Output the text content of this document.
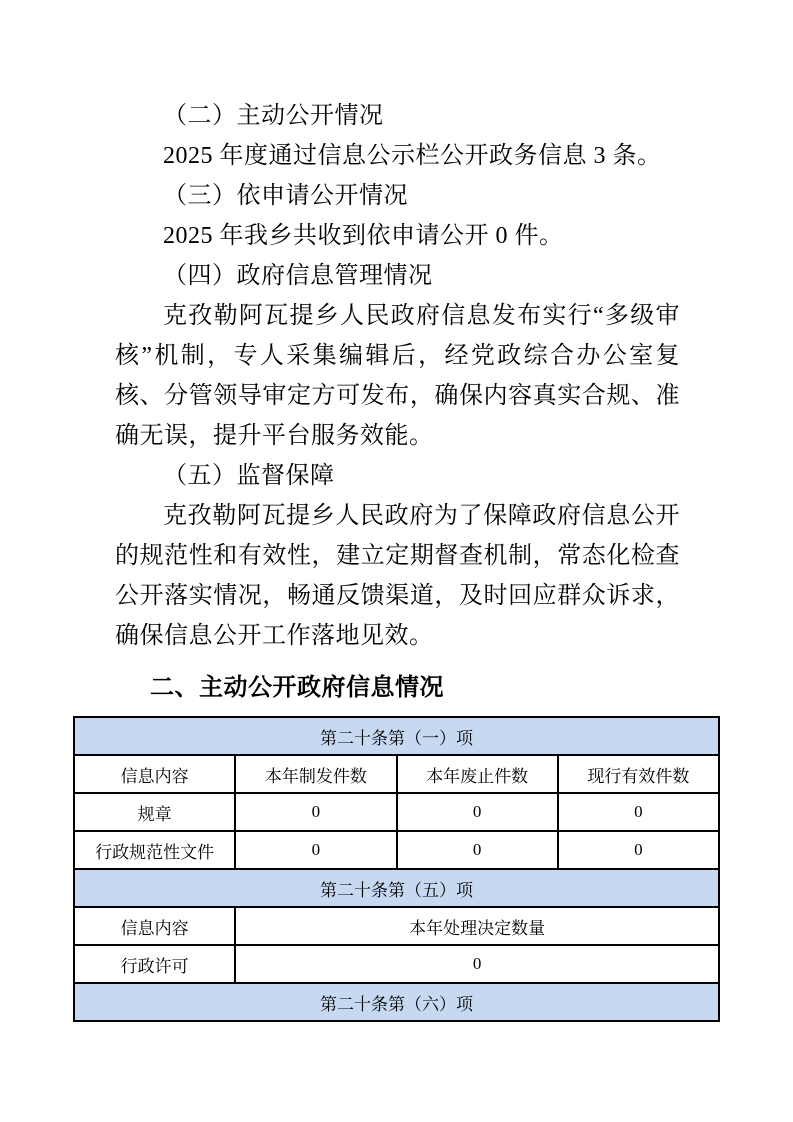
（二）主动公开情况

2025 年度通过信息公示栏公开政务信息 3 条。

（三）依申请公开情况

2025 年我乡共收到依申请公开 0 件。

（四）政府信息管理情况

克孜勒阿瓦提乡人民政府信息发布实行“多级审核”机制，专人采集编辑后，经党政综合办公室复核、分管领导审定方可发布，确保内容真实合规、准确无误，提升平台服务效能。

（五）监督保障

克孜勒阿瓦提乡人民政府为了保障政府信息公开的规范性和有效性，建立定期督查机制，常态化检查公开落实情况，畅通反馈渠道，及时回应群众诉求，确保信息公开工作落地见效。

二、主动公开政府信息情况
第二十条第（一）项			
信息内容	本年制发件数	本年废止件数	现行有效件数
规章	0	0	0
行政规范性文件	0	0	0
第二十条第（五）项			
信息内容	本年处理决定数量		
行政许可	0		
第二十条第（六）项			
